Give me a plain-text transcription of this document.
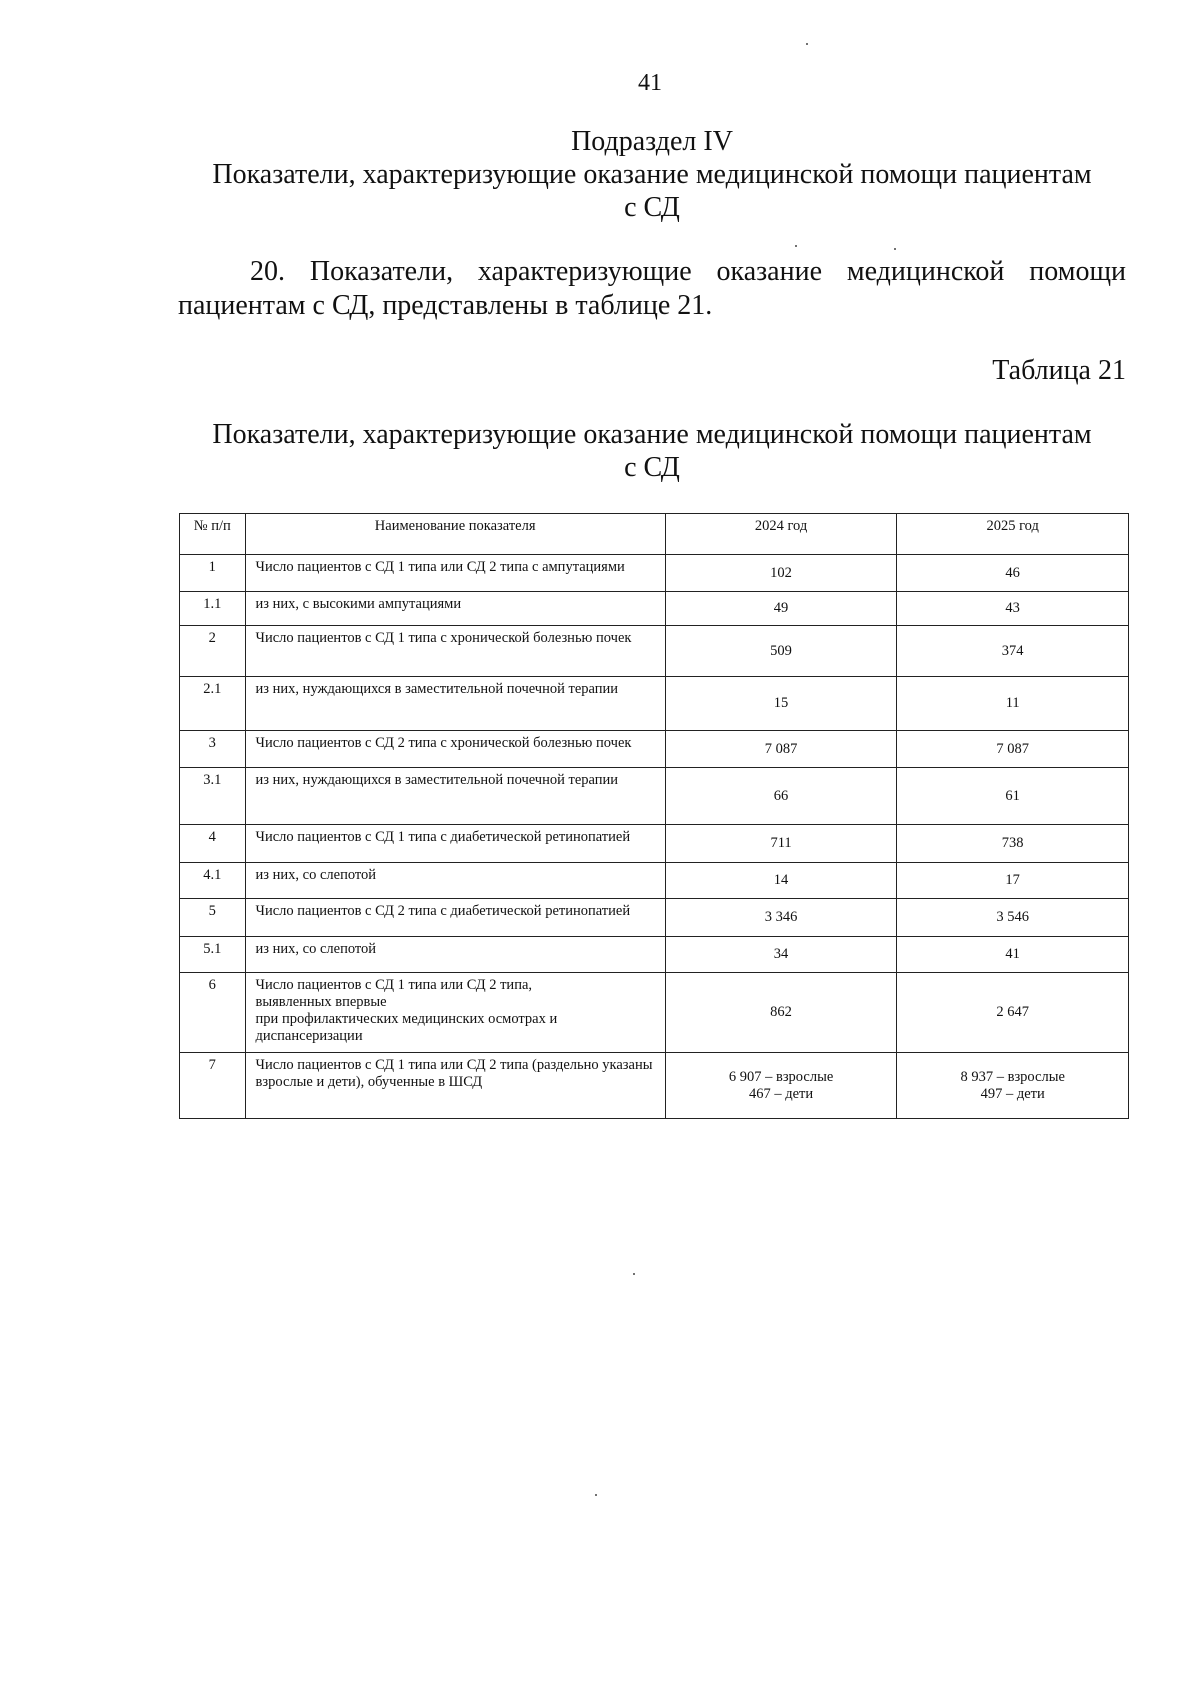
41
Подраздел IV
Показатели, характеризующие оказание медицинской помощи пациентам
с СД
20. Показатели, характеризующие оказание медицинской помощи
пациентам с СД, представлены в таблице 21.
Таблица 21
Показатели, характеризующие оказание медицинской помощи пациентам
с СД
№ п/п	Наименование показателя	2024 год	2025 год
1	Число пациентов с СД 1 типа или СД 2 типа с ампутациями	102	46
1.1	из них, с высокими ампутациями	49	43
2	Число пациентов с СД 1 типа с хронической болезнью почек	509	374
2.1	из них, нуждающихся в заместительной почечной терапии	15	11
3	Число пациентов с СД 2 типа с хронической болезнью почек	7 087	7 087
3.1	из них, нуждающихся в заместительной почечной терапии	66	61
4	Число пациентов с СД 1 типа с диабетической ретинопатией	711	738
4.1	из них, со слепотой	14	17
5	Число пациентов с СД 2 типа с диабетической ретинопатией	3 346	3 546
5.1	из них, со слепотой	34	41
6	Число пациентов с СД 1 типа или СД 2 типа,
выявленных впервые
при профилактических медицинских осмотрах и
диспансеризации	862	2 647
7	Число пациентов с СД 1 типа или СД 2 типа (раздельно указаны взрослые и дети), обученные в ШСД	6 907 – взрослые
467 – дети	8 937 – взрослые
497 – дети
